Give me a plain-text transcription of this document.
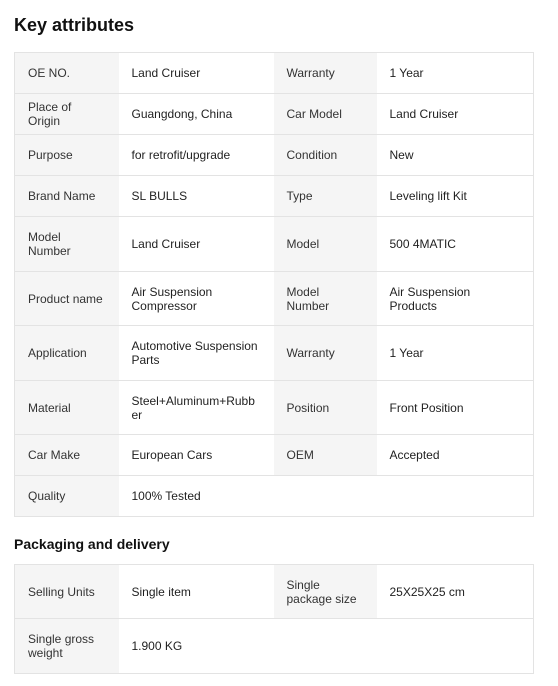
Key attributes
OE NO.	Land Cruiser	Warranty	1 Year
Place of Origin	Guangdong, China	Car Model	Land Cruiser
Purpose	for retrofit/upgrade	Condition	New
Brand Name	SL BULLS	Type	Leveling lift Kit
Model Number	Land Cruiser	Model	500 4MATIC
Product name	Air Suspension Compressor	Model Number	Air Suspension Products
Application	Automotive Suspension Parts	Warranty	1 Year
Material	Steel+Aluminum+Rubber	Position	Front Position
Car Make	European Cars	OEM	Accepted
Quality	100% Tested		
Packaging and delivery
Selling Units	Single item	Single package size	25X25X25 cm
Single gross weight	1.900 KG		
